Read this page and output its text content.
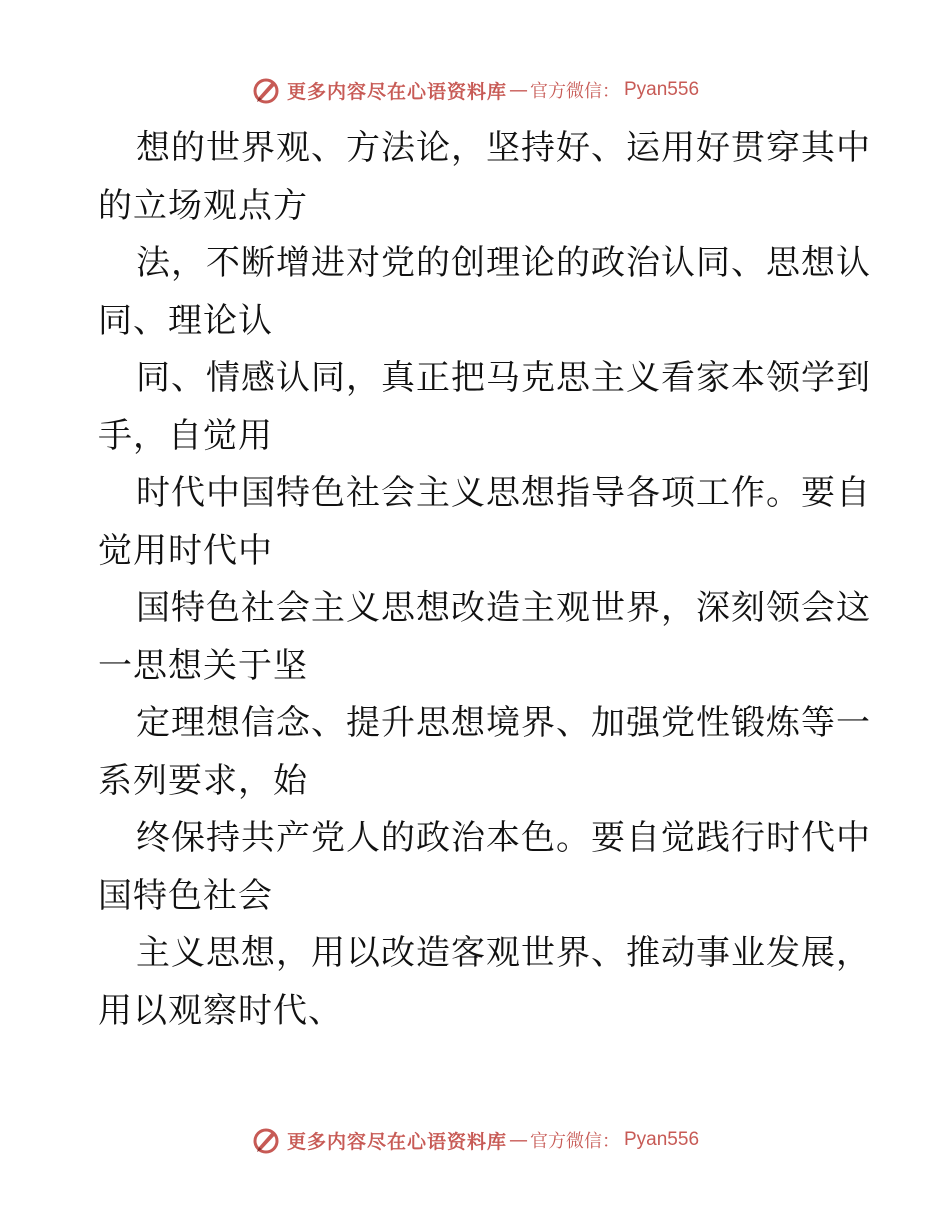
更多内容尽在心语资料库 — 官方微信： Pyan556
想的世界观、方法论，坚持好、运用好贯穿其中
的立场观点方
法，不断增进对党的创理论的政治认同、思想认
同、理论认
同、情感认同，真正把马克思主义看家本领学到
手，自觉用
时代中国特色社会主义思想指导各项工作。要自
觉用时代中
国特色社会主义思想改造主观世界，深刻领会这
一思想关于坚
定理想信念、提升思想境界、加强党性锻炼等一
系列要求，始
终保持共产党人的政治本色。要自觉践行时代中
国特色社会
主义思想，用以改造客观世界、推动事业发展，
用以观察时代、
更多内容尽在心语资料库 — 官方微信： Pyan556
